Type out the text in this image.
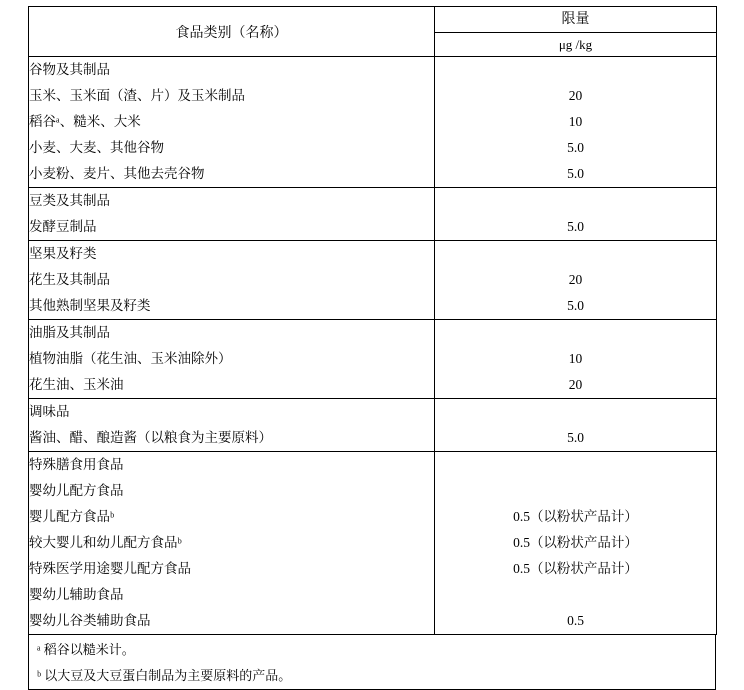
食品类别（名称）	限量
μg /kg

谷物及其制品	
玉米、玉米面（渣、片）及玉米制品	20
稻谷ᵃ、糙米、大米	10
小麦、大麦、其他谷物	5.0
小麦粉、麦片、其他去壳谷物	5.0
豆类及其制品	
发酵豆制品	5.0
坚果及籽类	
花生及其制品	20
其他熟制坚果及籽类	5.0
油脂及其制品	
植物油脂（花生油、玉米油除外）	10
花生油、玉米油	20
调味品	
酱油、醋、酿造酱（以粮食为主要原料）	5.0
特殊膳食用食品	
婴幼儿配方食品	
婴儿配方食品ᵇ	0.5（以粉状产品计）
较大婴儿和幼儿配方食品ᵇ	0.5（以粉状产品计）
特殊医学用途婴儿配方食品	0.5（以粉状产品计）
婴幼儿辅助食品	
婴幼儿谷类辅助食品	0.5
ᵃ 稻谷以糙米计。
ᵇ 以大豆及大豆蛋白制品为主要原料的产品。
